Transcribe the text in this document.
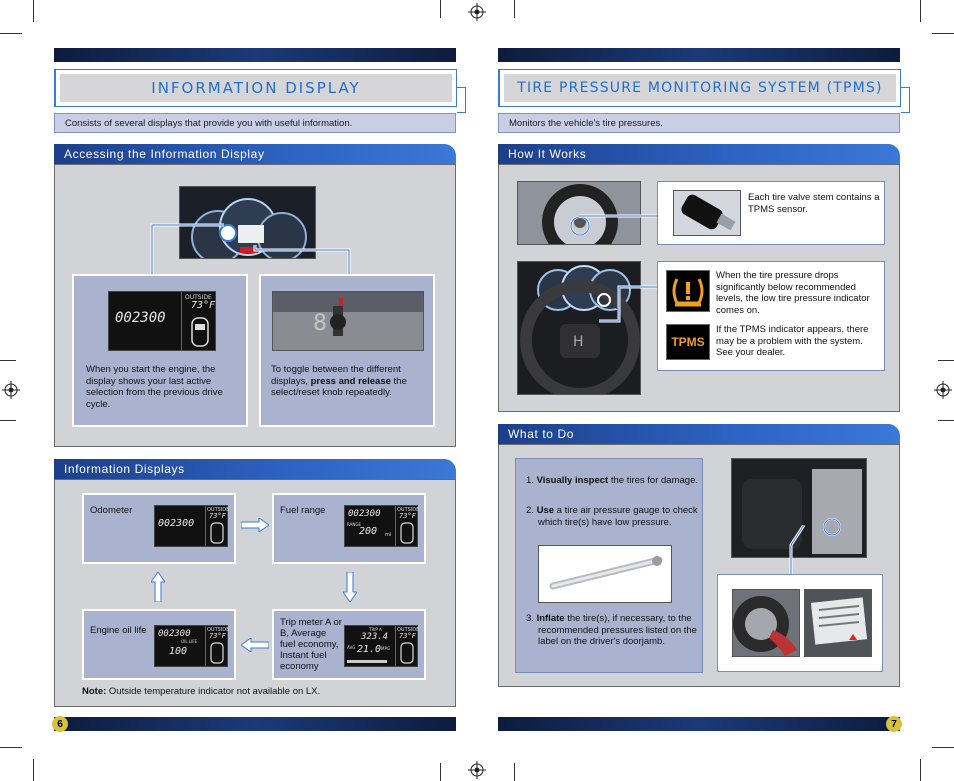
INFORMATION DISPLAY
Consists of several displays that provide you with useful information.
Accessing the Information Display
002300
OUTSIDE
73°F
When you start the engine, the display shows your last active selection from the previous drive cycle.
8
To toggle between the different displays, press and release the select/reset knob repeatedly.
Information Displays
Odometer
002300
OUTSIDE
73°F	Fuel range	002300
RANGE
200 mi
OUTSIDE
73°F
Engine oil life 002300
OIL LIFE
100
OUTSIDE
73°F
Trip meter A or B, Average fuel economy, Instant fuel economy
TRIP A
323.4
AVG 21.0 MPG
OUTSIDE
73°F
Note: Outside temperature indicator not available on LX.
6
TIRE PRESSURE MONITORING SYSTEM (TPMS)
Monitors the vehicle's tire pressures.
How It Works
Each tire valve stem contains a TPMS sensor.
H
When the tire pressure drops significantly below recommended levels, the low tire pressure indicator comes on.
TPMS
If the TPMS indicator appears, there may be a problem with the system. See your dealer.
What to Do
1. Visually inspect the tires for damage.
2. Use a tire air pressure gauge to check which tire(s) have low pressure.
3. Inflate the tire(s), if necessary, to the recommended pressures listed on the label on the driver's doorjamb.
7
